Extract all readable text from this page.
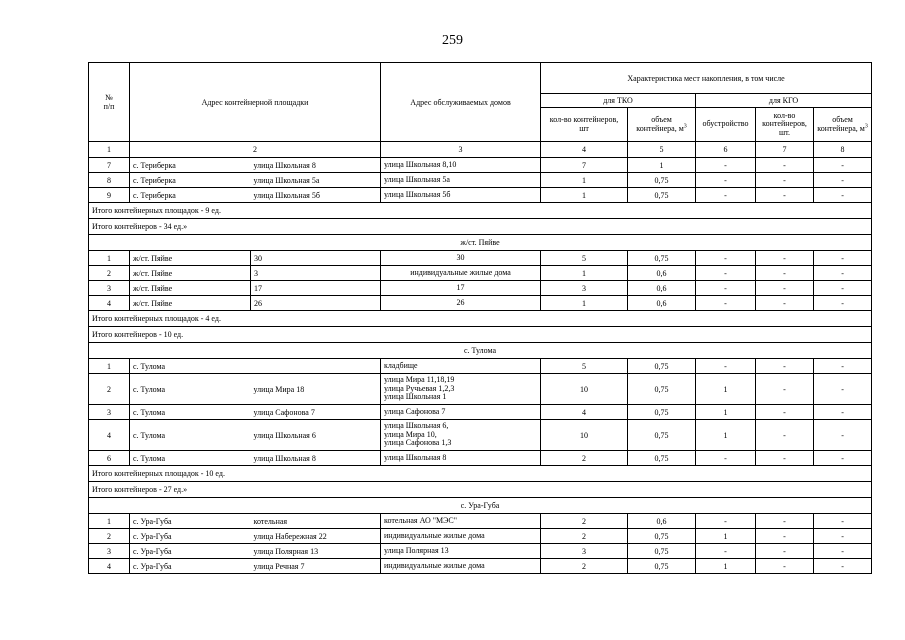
259
№
п/п	Адрес контейнерной площадки		Адрес обслуживаемых домов	Характеристика мест накопления, в том числе				
				для ТКО		для КГО		
				кол-во контейнеров, шт	объем контейнера, $м^3$	обустройство	кол-во контейнеров, шт.	объем контейнера, $м^3$
1	2		3	4	5	6	7	8
7	с. Териберка	улица Школьная 8	улица Школьная 8,10	7	1	-	-	-
8	с. Териберка	улица Школьная 5а	улица Школьная 5а	1	0,75	-	-	-
9	с. Териберка	улица Школьная 5б	улица Школьная 5б	1	0,75	-	-	-
Итого контейнерных площадок - 9 ед.								
Итого контейнеров - 34 ед.»								
ж/ст. Пяйве								
1	ж/ст. Пяйве	30	30	5	0,75	-	-	-
2	ж/ст. Пяйве	3	индивидуальные жилые дома	1	0,6	-	-	-
3	ж/ст. Пяйве	17	17	3	0,6	-	-	-
4	ж/ст. Пяйве	26	26	1	0,6	-	-	-
Итого контейнерных площадок - 4 ед.								
Итого контейнеров - 10 ед.								
с. Тулома								
1	с. Тулома		кладбище	5	0,75	-	-	-
2	с. Тулома	улица Мира 18	улица Мира 11,18,19
улица Ручьевая 1,2,3
улица Школьная 1	10	0,75	1	-	-
3	с. Тулома	улица Сафонова 7	улица Сафонова 7	4	0,75	1	-	-
4	с. Тулома	улица Школьная 6	улица Школьная 6,
улица Мира 10,
улица Сафонова 1,3	10	0,75	1	-	-
6	с. Тулома	улица Школьная 8	улица Школьная 8	2	0,75	-	-	-
Итого контейнерных площадок - 10 ед.								
Итого контейнеров - 27 ед.»								
с. Ура-Губа								
1	с. Ура-Губа	котельная	котельная АО "МЭС"	2	0,6	-	-	-
2	с. Ура-Губа	улица Набережная 22	индивидуальные жилые дома	2	0,75	1	-	-
3	с. Ура-Губа	улица Полярная 13	улица Полярная 13	3	0,75	-	-	-
4	с. Ура-Губа	улица Речная 7	индивидуальные жилые дома	2	0,75	1	-	-
